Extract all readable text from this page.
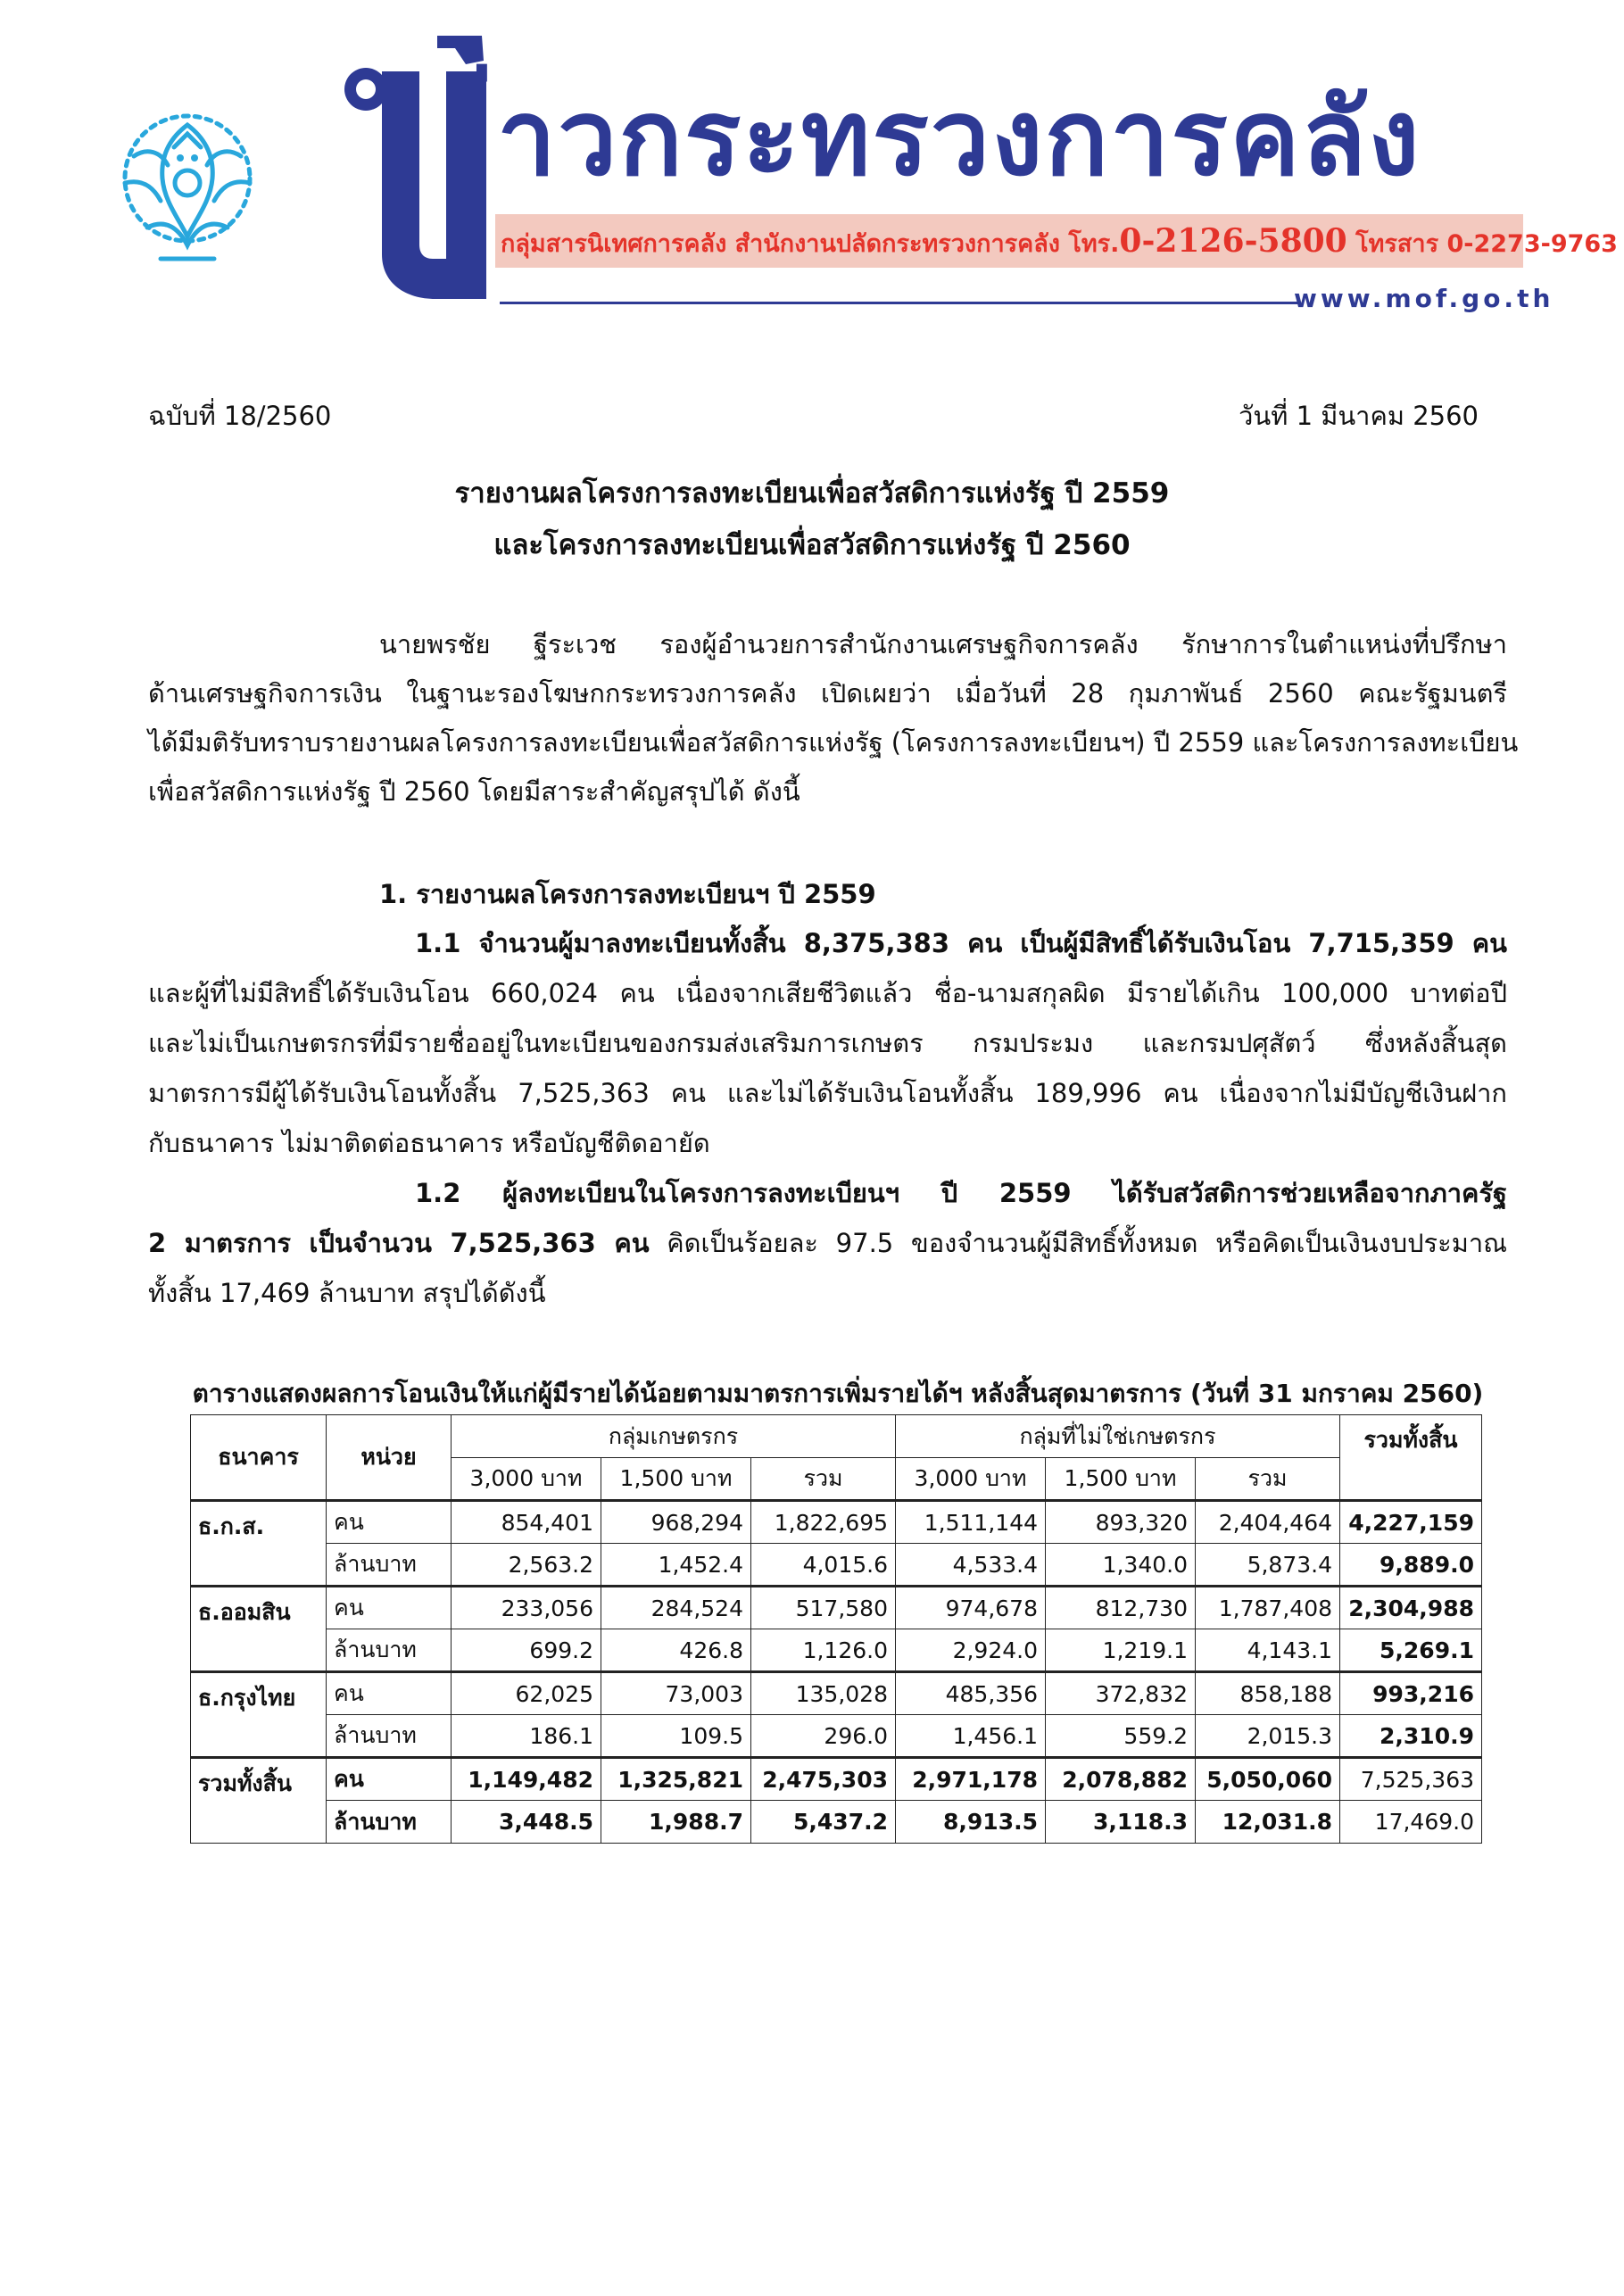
่าวกระทรวงการคลัง
กลุ่มสารนิเทศการคลัง สำนักงานปลัดกระทรวงการคลัง โทร.0-2126-5800 โทรสาร 0-2273-9763
www.mof.go.th
ฉบับที่ 18/2560	วันที่ 1 มีนาคม 2560
รายงานผลโครงการลงทะเบียนเพื่อสวัสดิการแห่งรัฐ ปี 2559
และโครงการลงทะเบียนเพื่อสวัสดิการแห่งรัฐ ปี 2560
นายพรชัย ฐีระเวช รองผู้อำนวยการสำนักงานเศรษฐกิจการคลัง รักษาการในตำแหน่งที่ปรึกษา
ด้านเศรษฐกิจการเงิน ในฐานะรองโฆษกกระทรวงการคลัง เปิดเผยว่า เมื่อวันที่ 28 กุมภาพันธ์ 2560 คณะรัฐมนตรี
ได้มีมติรับทราบรายงานผลโครงการลงทะเบียนเพื่อสวัสดิการแห่งรัฐ (โครงการลงทะเบียนฯ) ปี 2559 และโครงการลงทะเบียน
เพื่อสวัสดิการแห่งรัฐ ปี 2560 โดยมีสาระสำคัญสรุปได้ ดังนี้
1. รายงานผลโครงการลงทะเบียนฯ ปี 2559
1.1 จำนวนผู้มาลงทะเบียนทั้งสิ้น 8,375,383 คน เป็นผู้มีสิทธิ์ได้รับเงินโอน 7,715,359 คน
และผู้ที่ไม่มีสิทธิ์ได้รับเงินโอน 660,024 คน เนื่องจากเสียชีวิตแล้ว ชื่อ-นามสกุลผิด มีรายได้เกิน 100,000 บาทต่อปี
และไม่เป็นเกษตรกรที่มีรายชื่ออยู่ในทะเบียนของกรมส่งเสริมการเกษตร กรมประมง และกรมปศุสัตว์ ซึ่งหลังสิ้นสุด
มาตรการมีผู้ได้รับเงินโอนทั้งสิ้น 7,525,363 คน และไม่ได้รับเงินโอนทั้งสิ้น 189,996 คน เนื่องจากไม่มีบัญชีเงินฝาก
กับธนาคาร ไม่มาติดต่อธนาคาร หรือบัญชีติดอายัด
1.2 ผู้ลงทะเบียนในโครงการลงทะเบียนฯ ปี 2559 ได้รับสวัสดิการช่วยเหลือจากภาครัฐ
2 มาตรการ เป็นจำนวน 7,525,363 คน คิดเป็นร้อยละ 97.5 ของจำนวนผู้มีสิทธิ์ทั้งหมด หรือคิดเป็นเงินงบประมาณ
ทั้งสิ้น 17,469 ล้านบาท สรุปได้ดังนี้
ตารางแสดงผลการโอนเงินให้แก่ผู้มีรายได้น้อยตามมาตรการเพิ่มรายได้ฯ หลังสิ้นสุดมาตรการ (วันที่ 31 มกราคม 2560)
ธนาคาร	หน่วย	กลุ่มเกษตรกร			กลุ่มที่ไม่ใช่เกษตรกร			รวมทั้งสิ้น
		3,000 บาท	1,500 บาท	รวม	3,000 บาท	1,500 บาท	รวม	
ธ.ก.ส.	คน	854,401	968,294	1,822,695	1,511,144	893,320	2,404,464	4,227,159
	ล้านบาท	2,563.2	1,452.4	4,015.6	4,533.4	1,340.0	5,873.4	9,889.0
ธ.ออมสิน	คน	233,056	284,524	517,580	974,678	812,730	1,787,408	2,304,988
	ล้านบาท	699.2	426.8	1,126.0	2,924.0	1,219.1	4,143.1	5,269.1
ธ.กรุงไทย	คน	62,025	73,003	135,028	485,356	372,832	858,188	993,216
	ล้านบาท	186.1	109.5	296.0	1,456.1	559.2	2,015.3	2,310.9
รวมทั้งสิ้น	คน	1,149,482	1,325,821	2,475,303	2,971,178	2,078,882	5,050,060	7,525,363
	ล้านบาท	3,448.5	1,988.7	5,437.2	8,913.5	3,118.3	12,031.8	17,469.0
